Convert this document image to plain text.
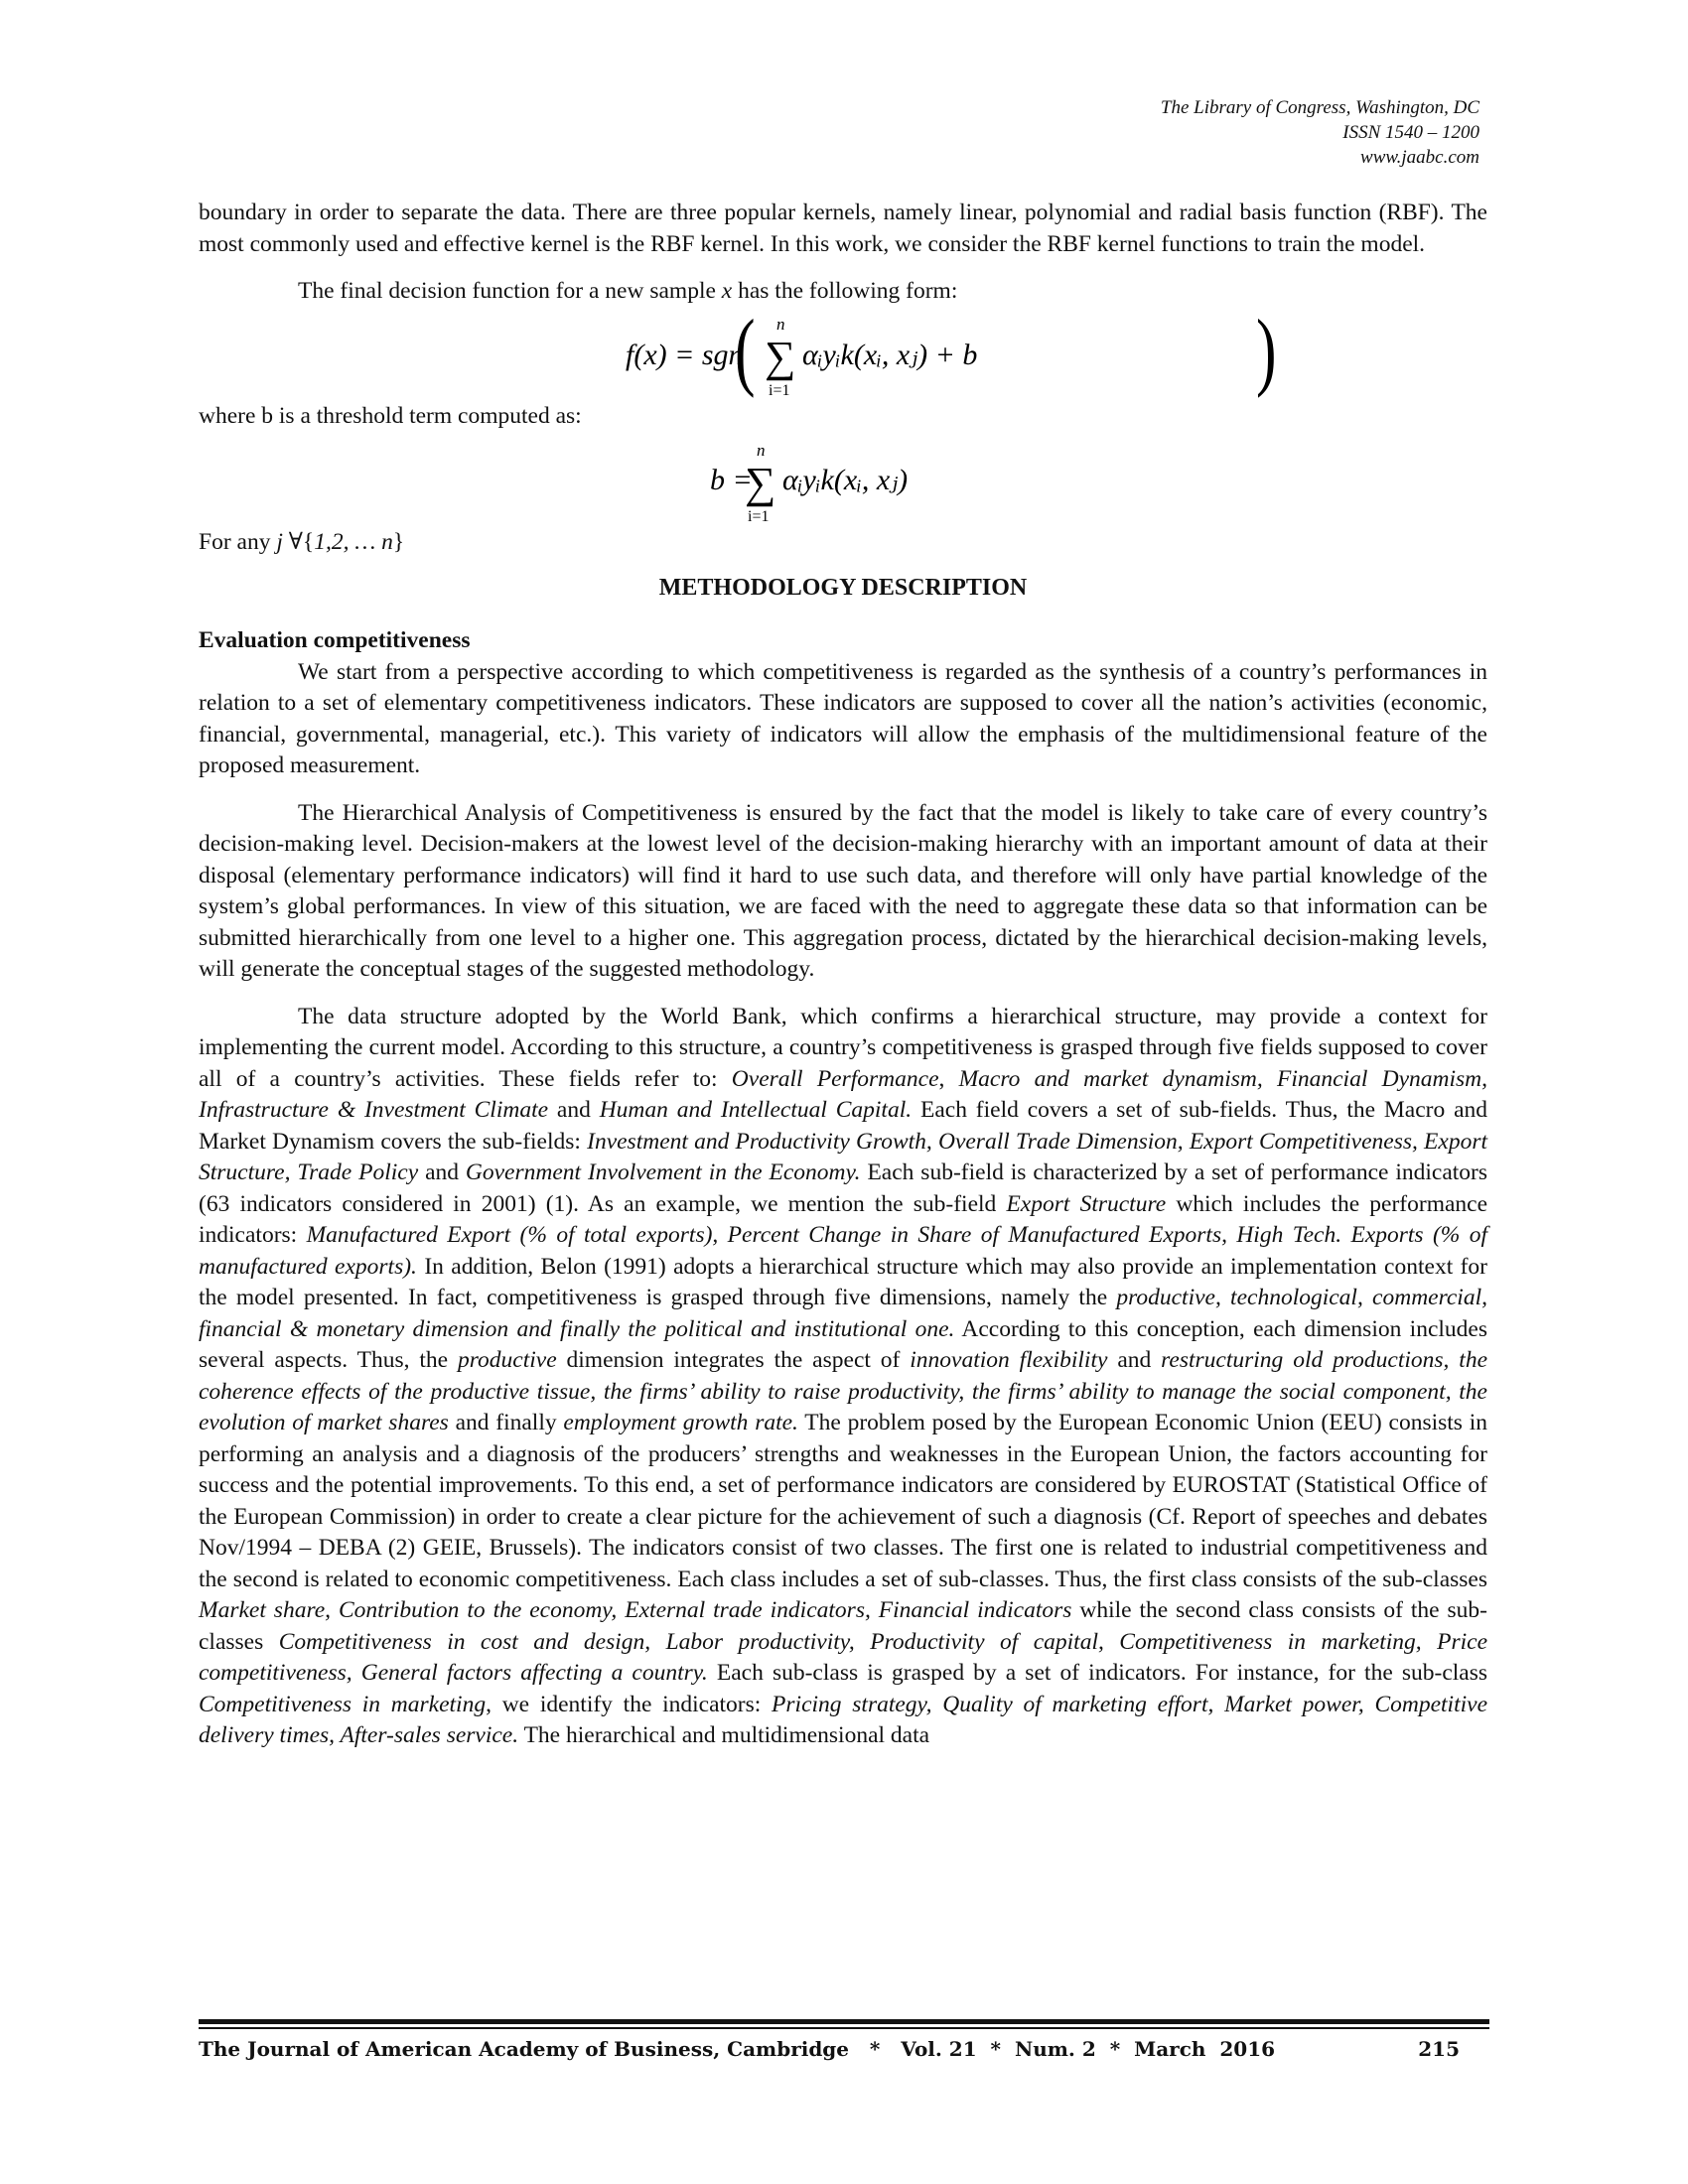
The Library of Congress, Washington, DC
ISSN 1540 – 1200
www.jaabc.com

boundary in order to separate the data. There are three popular kernels, namely linear, polynomial and radial basis function (RBF). The most commonly used and effective kernel is the RBF kernel. In this work, we consider the RBF kernel functions to train the model.

The final decision function for a new sample x has the following form:

f(x) = sgn
( n
∑
i=1
αᵢyᵢk(xᵢ, xⱼ) + b	)

where b is a threshold term computed as:

b =
n
∑
i=1
αᵢyᵢk(xᵢ, xⱼ)

For any j ∀{1,2, … n}

METHODOLOGY DESCRIPTION

Evaluation competitiveness

We start from a perspective according to which competitiveness is regarded as the synthesis of a country’s performances in relation to a set of elementary competitiveness indicators. These indicators are supposed to cover all the nation’s activities (economic, financial, governmental, managerial, etc.). This variety of indicators will allow the emphasis of the multidimensional feature of the proposed measurement.

The Hierarchical Analysis of Competitiveness is ensured by the fact that the model is likely to take care of every country’s decision-making level. Decision-makers at the lowest level of the decision-making hierarchy with an important amount of data at their disposal (elementary performance indicators) will find it hard to use such data, and therefore will only have partial knowledge of the system’s global performances. In view of this situation, we are faced with the need to aggregate these data so that information can be submitted hierarchically from one level to a higher one. This aggregation process, dictated by the hierarchical decision-making levels, will generate the conceptual stages of the suggested methodology.

The data structure adopted by the World Bank, which confirms a hierarchical structure, may provide a context for implementing the current model. According to this structure, a country’s competitiveness is grasped through five fields supposed to cover all of a country’s activities. These fields refer to: Overall Performance, Macro and market dynamism, Financial Dynamism, Infrastructure & Investment Climate and Human and Intellectual Capital. Each field covers a set of sub-fields. Thus, the Macro and Market Dynamism covers the sub-fields: Investment and Productivity Growth, Overall Trade Dimension, Export Competitiveness, Export Structure, Trade Policy and Government Involvement in the Economy. Each sub-field is characterized by a set of performance indicators (63 indicators considered in 2001) (1). As an example, we mention the sub-field Export Structure which includes the performance indicators: Manufactured Export (% of total exports), Percent Change in Share of Manufactured Exports, High Tech. Exports (% of manufactured exports). In addition, Belon (1991) adopts a hierarchical structure which may also provide an implementation context for the model presented. In fact, competitiveness is grasped through five dimensions, namely the productive, technological, commercial, financial & monetary dimension and finally the political and institutional one. According to this conception, each dimension includes several aspects. Thus, the productive dimension integrates the aspect of innovation flexibility and restructuring old productions, the coherence effects of the productive tissue, the firms’ ability to raise productivity, the firms’ ability to manage the social component, the evolution of market shares and finally employment growth rate. The problem posed by the European Economic Union (EEU) consists in performing an analysis and a diagnosis of the producers’ strengths and weaknesses in the European Union, the factors accounting for success and the potential improvements. To this end, a set of performance indicators are considered by EUROSTAT (Statistical Office of the European Commission) in order to create a clear picture for the achievement of such a diagnosis (Cf. Report of speeches and debates Nov/1994 – DEBA (2) GEIE, Brussels). The indicators consist of two classes. The first one is related to industrial competitiveness and the second is related to economic competitiveness. Each class includes a set of sub-classes. Thus, the first class consists of the sub-classes Market share, Contribution to the economy, External trade indicators, Financial indicators while the second class consists of the sub-classes Competitiveness in cost and design, Labor productivity, Productivity of capital, Competitiveness in marketing, Price competitiveness, General factors affecting a country. Each sub-class is grasped by a set of indicators. For instance, for the sub-class Competitiveness in marketing, we identify the indicators: Pricing strategy, Quality of marketing effort, Market power, Competitive delivery times, After-sales service. The hierarchical and multidimensional data

The Journal of American Academy of Business, Cambridge   *   Vol. 21  *  Num. 2  *  March  2016	215
